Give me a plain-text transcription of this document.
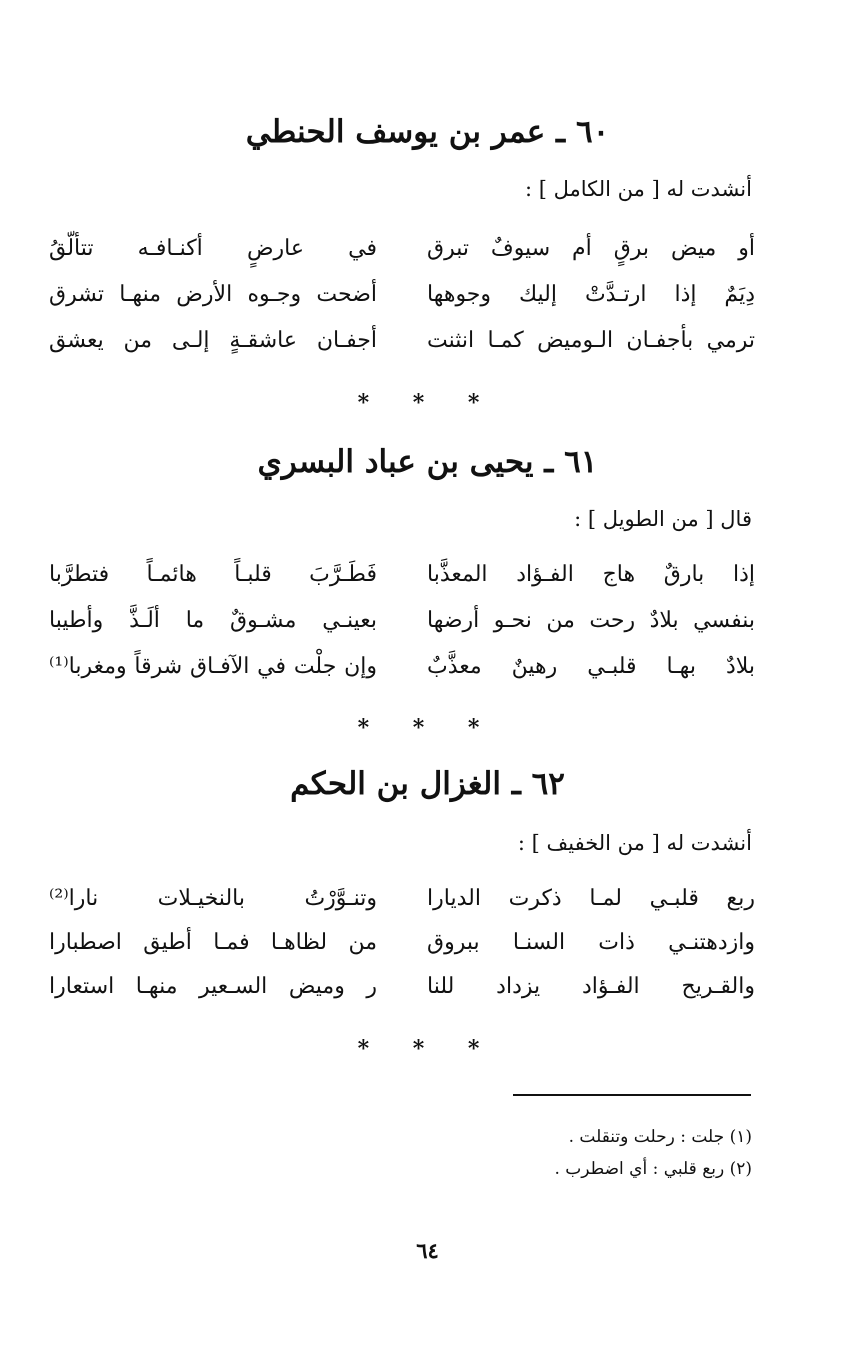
٦٠ ـ عمر بن يوسف الحنطي
أنشدت له [ من الكامل ] :
أو ميض برقٍ أم سيوفٌ تبرق
في عارضٍ أكنـافـه تتألّقُ
دِيَمٌ إذا ارتـدَّتْ إليك وجوهها
أضحت وجـوه الأرض منهـا تشرق
ترمي بأجفـان الـوميض كمـا انثنت
أجفـان عاشقـةٍ إلـى من يعشق
* * *
٦١ ـ يحيى بن عباد البسري
قال [ من الطويل ] :
إذا بارقٌ هاج الفـؤاد المعذَّبا
فَطَـرَّبَ قلبـاً هائمـاً فتطرَّبا
بنفسي بلادٌ رحت من نحـو أرضها
بعينـي مشـوقٌ ما ألَـذَّ وأطيبا
بلادٌ بهـا قلبـي رهينٌ معذَّبٌ
وإن جلْت في الآفـاق شرقاً ومغربا⁽¹⁾
* * *
٦٢ ـ الغزال بن الحكم
أنشدت له [ من الخفيف ] :
ربع قلبـي لمـا ذكرت الديارا
وتنـوَّرْتُ بالنخيـلات نارا⁽²⁾
وازدهتنـي ذات السنـا ببروق
من لظاهـا فمـا أطيق اصطبارا
والقـريح الفـؤاد يزداد للنا
ر وميض السـعير منهـا استعارا
* * *
(١) جلت : رحلت وتنقلت .
(٢) ربع قلبي : أي اضطرب .
٦٤
